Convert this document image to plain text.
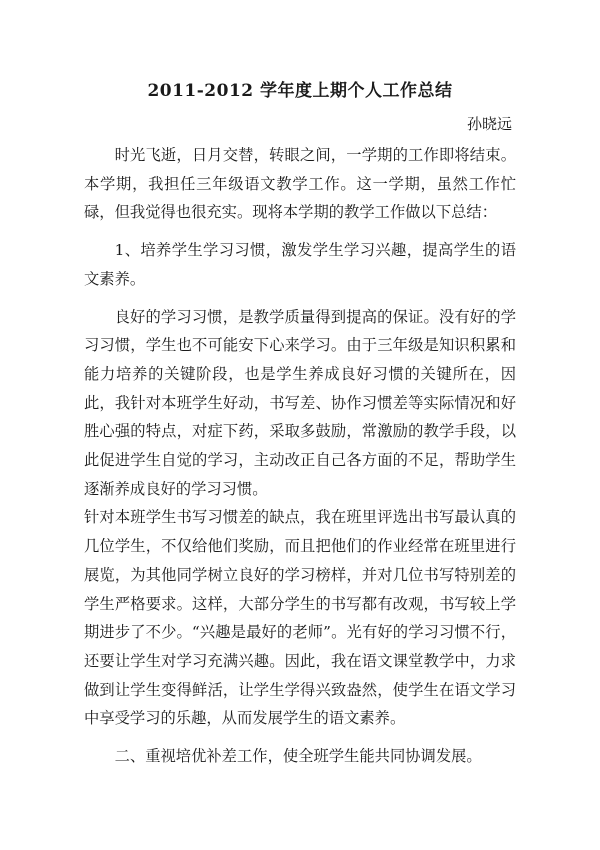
2011-2012 学年度上期个人工作总结
孙晓远

时光飞逝，日月交替，转眼之间，一学期的工作即将结束。本学期，我担任三年级语文教学工作。这一学期，虽然工作忙碌，但我觉得也很充实。现将本学期的教学工作做以下总结：

1、培养学生学习习惯，激发学生学习兴趣，提高学生的语文素养。

良好的学习习惯，是教学质量得到提高的保证。没有好的学习习惯，学生也不可能安下心来学习。由于三年级是知识积累和能力培养的关键阶段，也是学生养成良好习惯的关键所在，因此，我针对本班学生好动，书写差、协作习惯差等实际情况和好胜心强的特点，对症下药，采取多鼓励，常激励的教学手段，以此促进学生自觉的学习，主动改正自己各方面的不足，帮助学生逐渐养成良好的学习习惯。

针对本班学生书写习惯差的缺点，我在班里评选出书写最认真的几位学生，不仅给他们奖励，而且把他们的作业经常在班里进行展览，为其他同学树立良好的学习榜样，并对几位书写特别差的学生严格要求。这样，大部分学生的书写都有改观，书写较上学期进步了不少。“兴趣是最好的老师”。光有好的学习习惯不行，还要让学生对学习充满兴趣。因此，我在语文课堂教学中，力求做到让学生变得鲜活，让学生学得兴致盎然，使学生在语文学习中享受学习的乐趣，从而发展学生的语文素养。

二、重视培优补差工作，使全班学生能共同协调发展。
